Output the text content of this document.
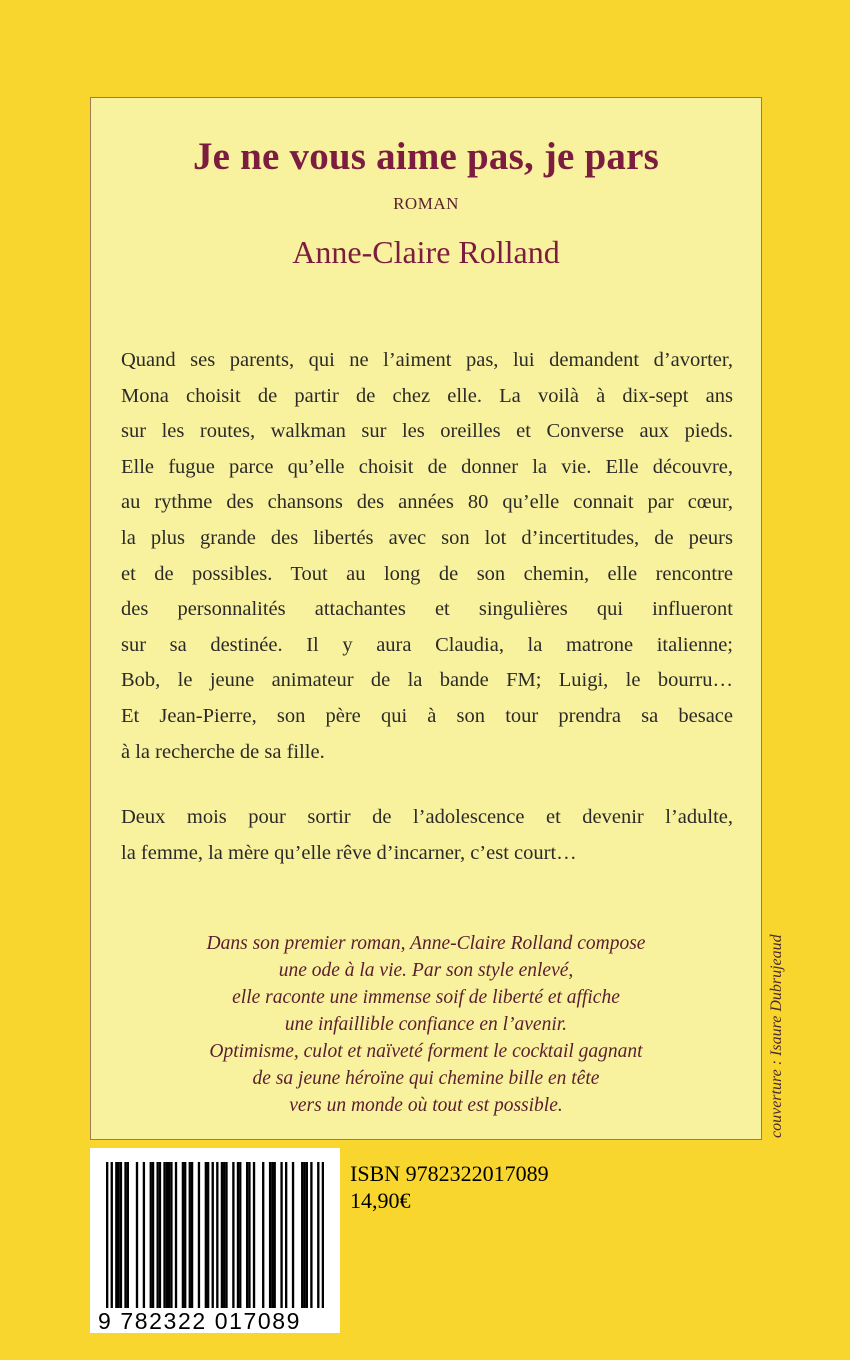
Je ne vous aime pas, je pars
ROMAN
Anne-Claire Rolland
Quand ses parents, qui ne l’aiment pas, lui demandent d’avorter,
Mona choisit de partir de chez elle. La voilà à dix-sept ans
sur les routes, walkman sur les oreilles et Converse aux pieds.
Elle fugue parce qu’elle choisit de donner la vie. Elle découvre,
au rythme des chansons des années 80 qu’elle connait par cœur,
la plus grande des libertés avec son lot d’incertitudes, de peurs
et de possibles. Tout au long de son chemin, elle rencontre
des personnalités attachantes et singulières qui influeront
sur sa destinée. Il y aura Claudia, la matrone italienne;
Bob, le jeune animateur de la bande FM; Luigi, le bourru…
Et Jean-Pierre, son père qui à son tour prendra sa besace
à la recherche de sa fille.
Deux mois pour sortir de l’adolescence et devenir l’adulte,
la femme, la mère qu’elle rêve d’incarner, c’est court…
Dans son premier roman, Anne-Claire Rolland compose
une ode à la vie. Par son style enlevé,
elle raconte une immense soif de liberté et affiche
une infaillible confiance en l’avenir.
Optimisme, culot et naïveté forment le cocktail gagnant
de sa jeune héroïne qui chemine bille en tête
vers un monde où tout est possible.	couverture : Isaure Dubrujeaud
9 782322 017089
ISBN 9782322017089
14,90€
